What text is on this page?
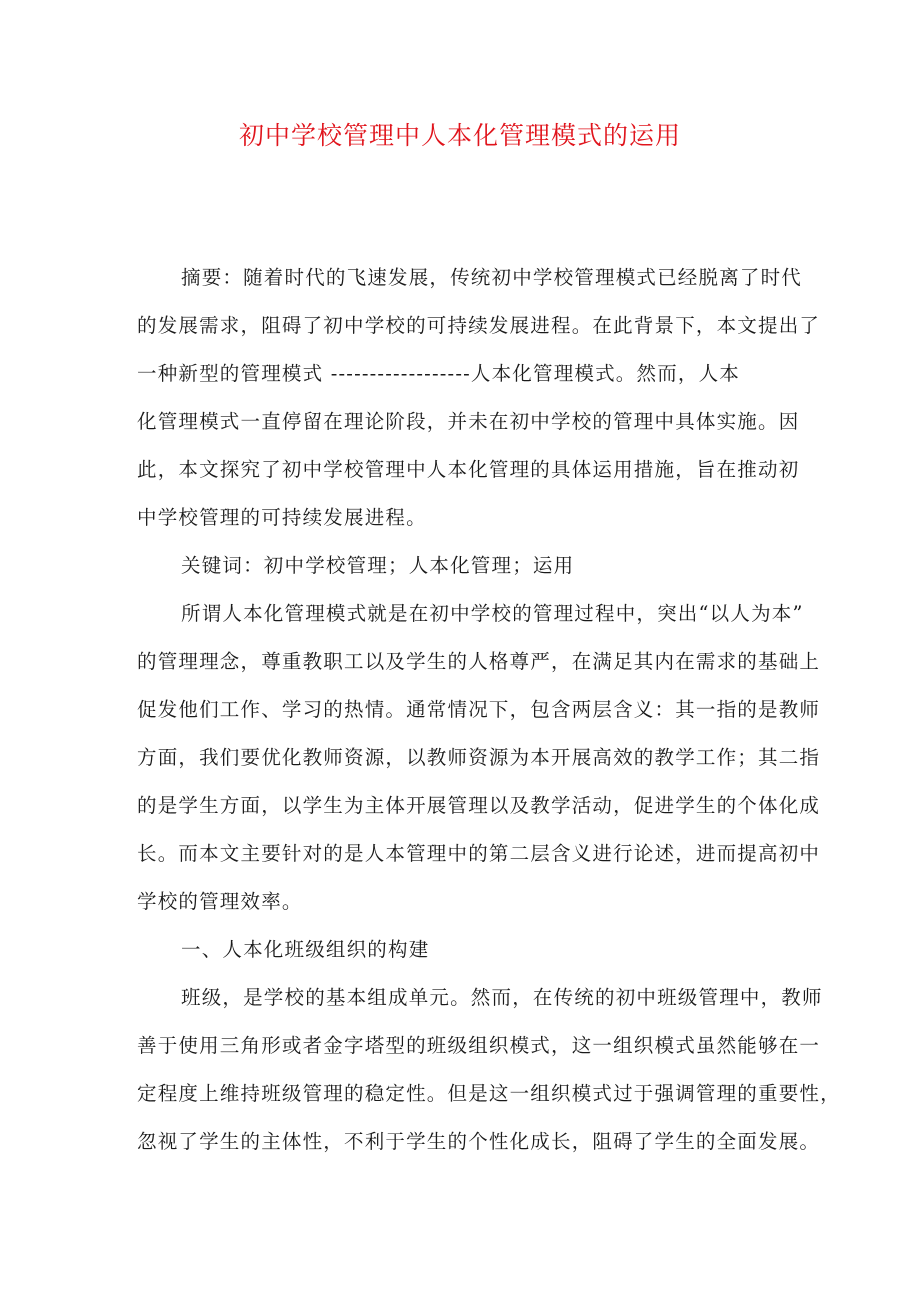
初中学校管理中人本化管理模式的运用
摘要：随着时代的飞速发展，传统初中学校管理模式已经脱离了时代
的发展需求，阻碍了初中学校的可持续发展进程。在此背景下，本文提出了
一种新型的管理模式 ------------------人本化管理模式。然而，人本
化管理模式一直停留在理论阶段，并未在初中学校的管理中具体实施。因
此，本文探究了初中学校管理中人本化管理的具体运用措施，旨在推动初
中学校管理的可持续发展进程。
关键词：初中学校管理；人本化管理；运用
所谓人本化管理模式就是在初中学校的管理过程中，突出“以人为本”
的管理理念，尊重教职工以及学生的人格尊严，在满足其内在需求的基础上
促发他们工作、学习的热情。通常情况下，包含两层含义：其一指的是教师
方面，我们要优化教师资源，以教师资源为本开展高效的教学工作；其二指
的是学生方面，以学生为主体开展管理以及教学活动，促进学生的个体化成
长。而本文主要针对的是人本管理中的第二层含义进行论述，进而提高初中
学校的管理效率。
一、人本化班级组织的构建
班级，是学校的基本组成单元。然而，在传统的初中班级管理中，教师
善于使用三角形或者金字塔型的班级组织模式，这一组织模式虽然能够在一
定程度上维持班级管理的稳定性。但是这一组织模式过于强调管理的重要性，
忽视了学生的主体性，不利于学生的个性化成长，阻碍了学生的全面发展。
